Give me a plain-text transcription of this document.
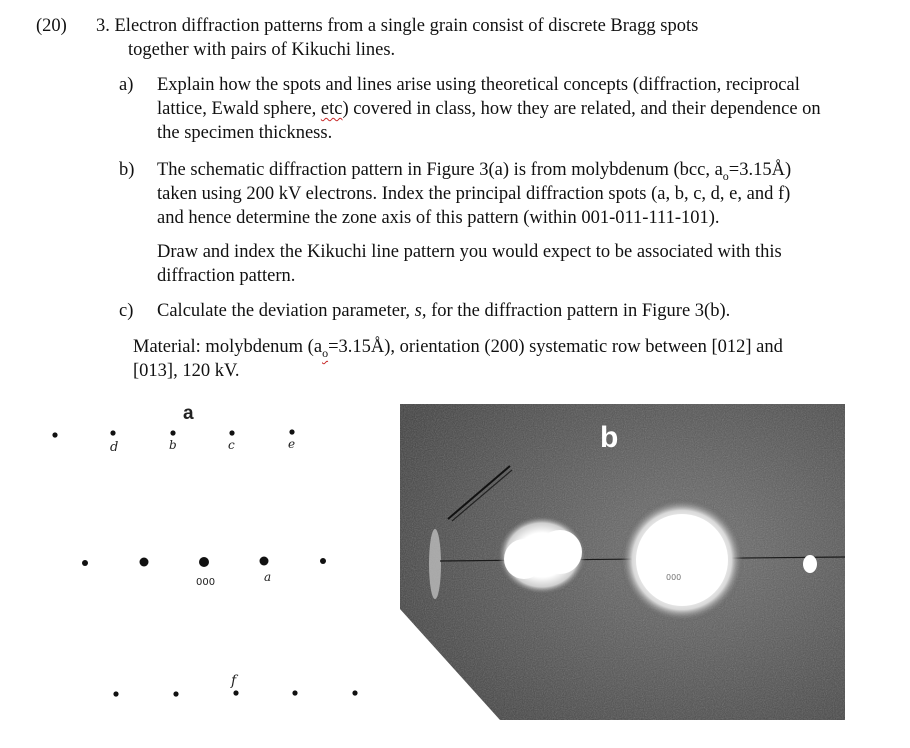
(20) 3. Electron diffraction patterns from a single grain consist of discrete Bragg spots
together with pairs of Kikuchi lines.
a) Explain how the spots and lines arise using theoretical concepts (diffraction, reciprocal
lattice, Ewald sphere, etc) covered in class, how they are related, and their dependence on
the specimen thickness.
b) The schematic diffraction pattern in Figure 3(a) is from molybdenum (bcc, $a_o=3.15Å$)
taken using 200 kV electrons. Index the principal diffraction spots (a, b, c, d, e, and f)
and hence determine the zone axis of this pattern (within 001-011-111-101).
Draw and index the Kikuchi line pattern you would expect to be associated with this
diffraction pattern.
c) Calculate the deviation parameter, s, for the diffraction pattern in Figure 3(b).
Material: molybdenum $(a_o=3.15Å)$, orientation (200) systematic row between [012] and
[013], 120 kV.
a
d	b	c	e
000	a
f
000
b
